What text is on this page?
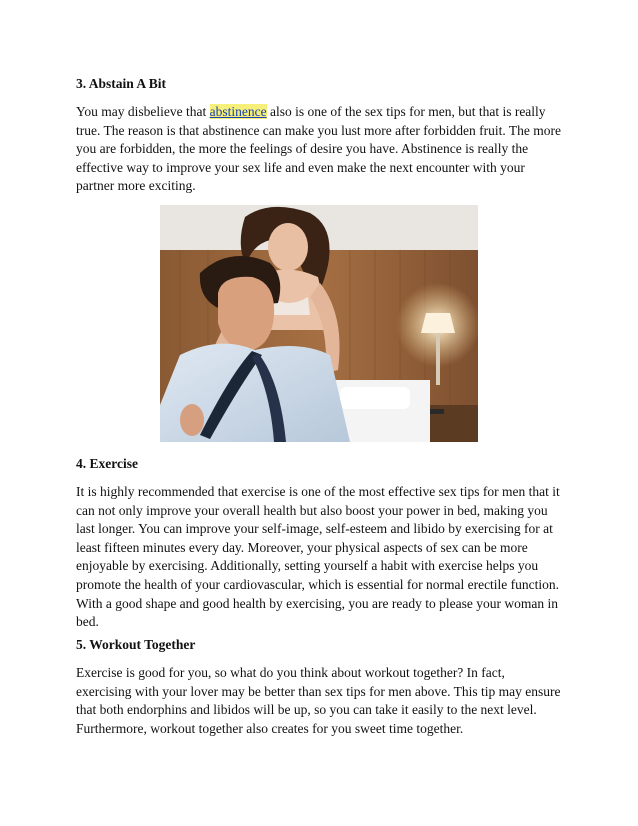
3. Abstain A Bit

You may disbelieve that abstinence also is one of the sex tips for men, but that is really
true. The reason is that abstinence can make you lust more after forbidden fruit. The more
you are forbidden, the more the feelings of desire you have. Abstinence is really the
effective way to improve your sex life and even make the next encounter with your
partner more exciting.

4. Exercise

It is highly recommended that exercise is one of the most effective sex tips for men that it
can not only improve your overall health but also boost your power in bed, making you
last longer. You can improve your self-image, self-esteem and libido by exercising for at
least fifteen minutes every day. Moreover, your physical aspects of sex can be more
enjoyable by exercising. Additionally, setting yourself a habit with exercise helps you
promote the health of your cardiovascular, which is essential for normal erectile function.
With a good shape and good health by exercising, you are ready to please your woman in
bed.

5. Workout Together

Exercise is good for you, so what do you think about workout together? In fact,
exercising with your lover may be better than sex tips for men above. This tip may ensure
that both endorphins and libidos will be up, so you can take it easily to the next level.
Furthermore, workout together also creates for you sweet time together.
